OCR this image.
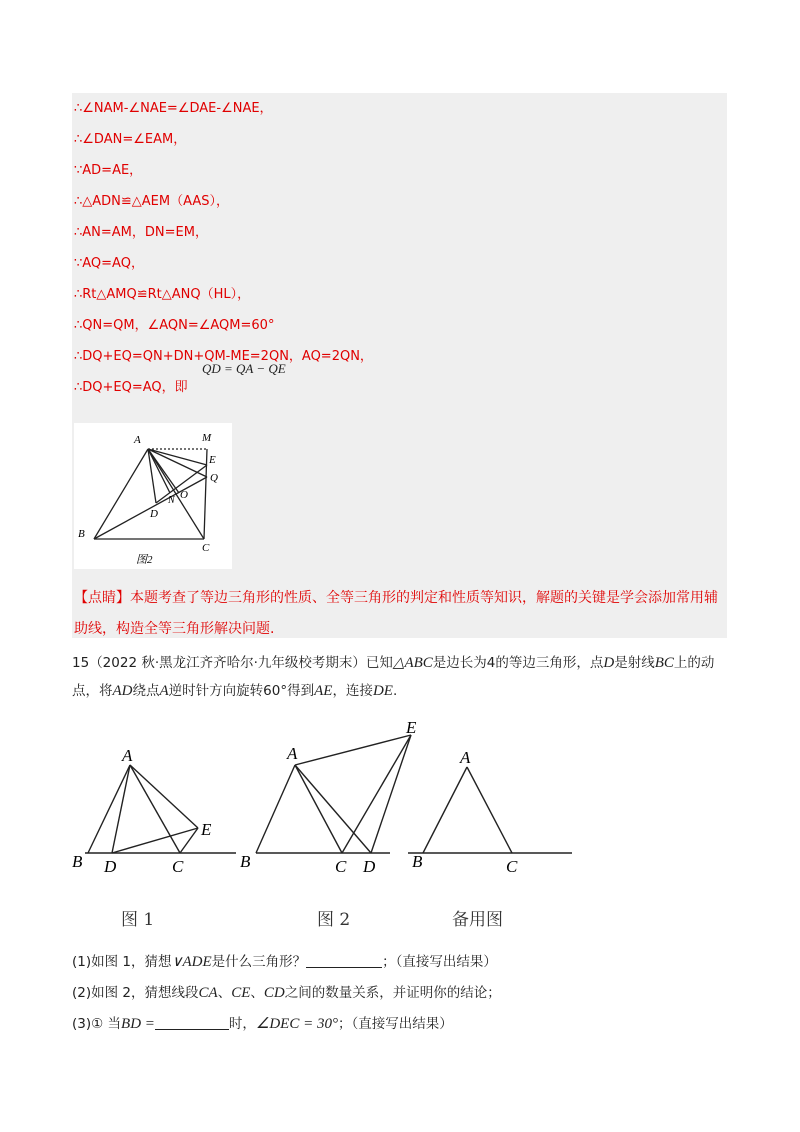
∴∠NAM-∠NAE=∠DAE-∠NAE，
∴∠DAN=∠EAM，
∵AD=AE，
∴△ADN≌△AEM（AAS），
∴AN=AM，DN=EM，
∵AQ=AQ，
∴Rt△AMQ≌Rt△ANQ（HL），
∴QN=QM，∠AQN=∠AQM=60°
∴DQ+EQ=QN+DN+QM-ME=2QN，AQ=2QN，
∴DQ+EQ=AQ，即
QD = QA − QE
A	M
E
Q
N O
D
B
C
图2
【点睛】本题考查了等边三角形的性质、全等三角形的判定和性质等知识，解题的关键是学会添加常用辅助线，构造全等三角形解决问题.
15（2022 秋·黑龙江齐齐哈尔·九年级校考期末）已知△ABC是边长为4的等边三角形，点D是射线BC上的动点，将AD绕点A逆时针方向旋转60°得到AE，连接DE.
A
B D	C
E
A
E
B	C D
A
B	C
图 1	图 2	备用图
(1)如图 1，猜想∨ADE是什么三角形？	；（直接写出结果）
(2)如图 2，猜想线段CA、CE、CD之间的数量关系，并证明你的结论；
(3)① 当BD =	时，∠DEC = 30°；（直接写出结果）
